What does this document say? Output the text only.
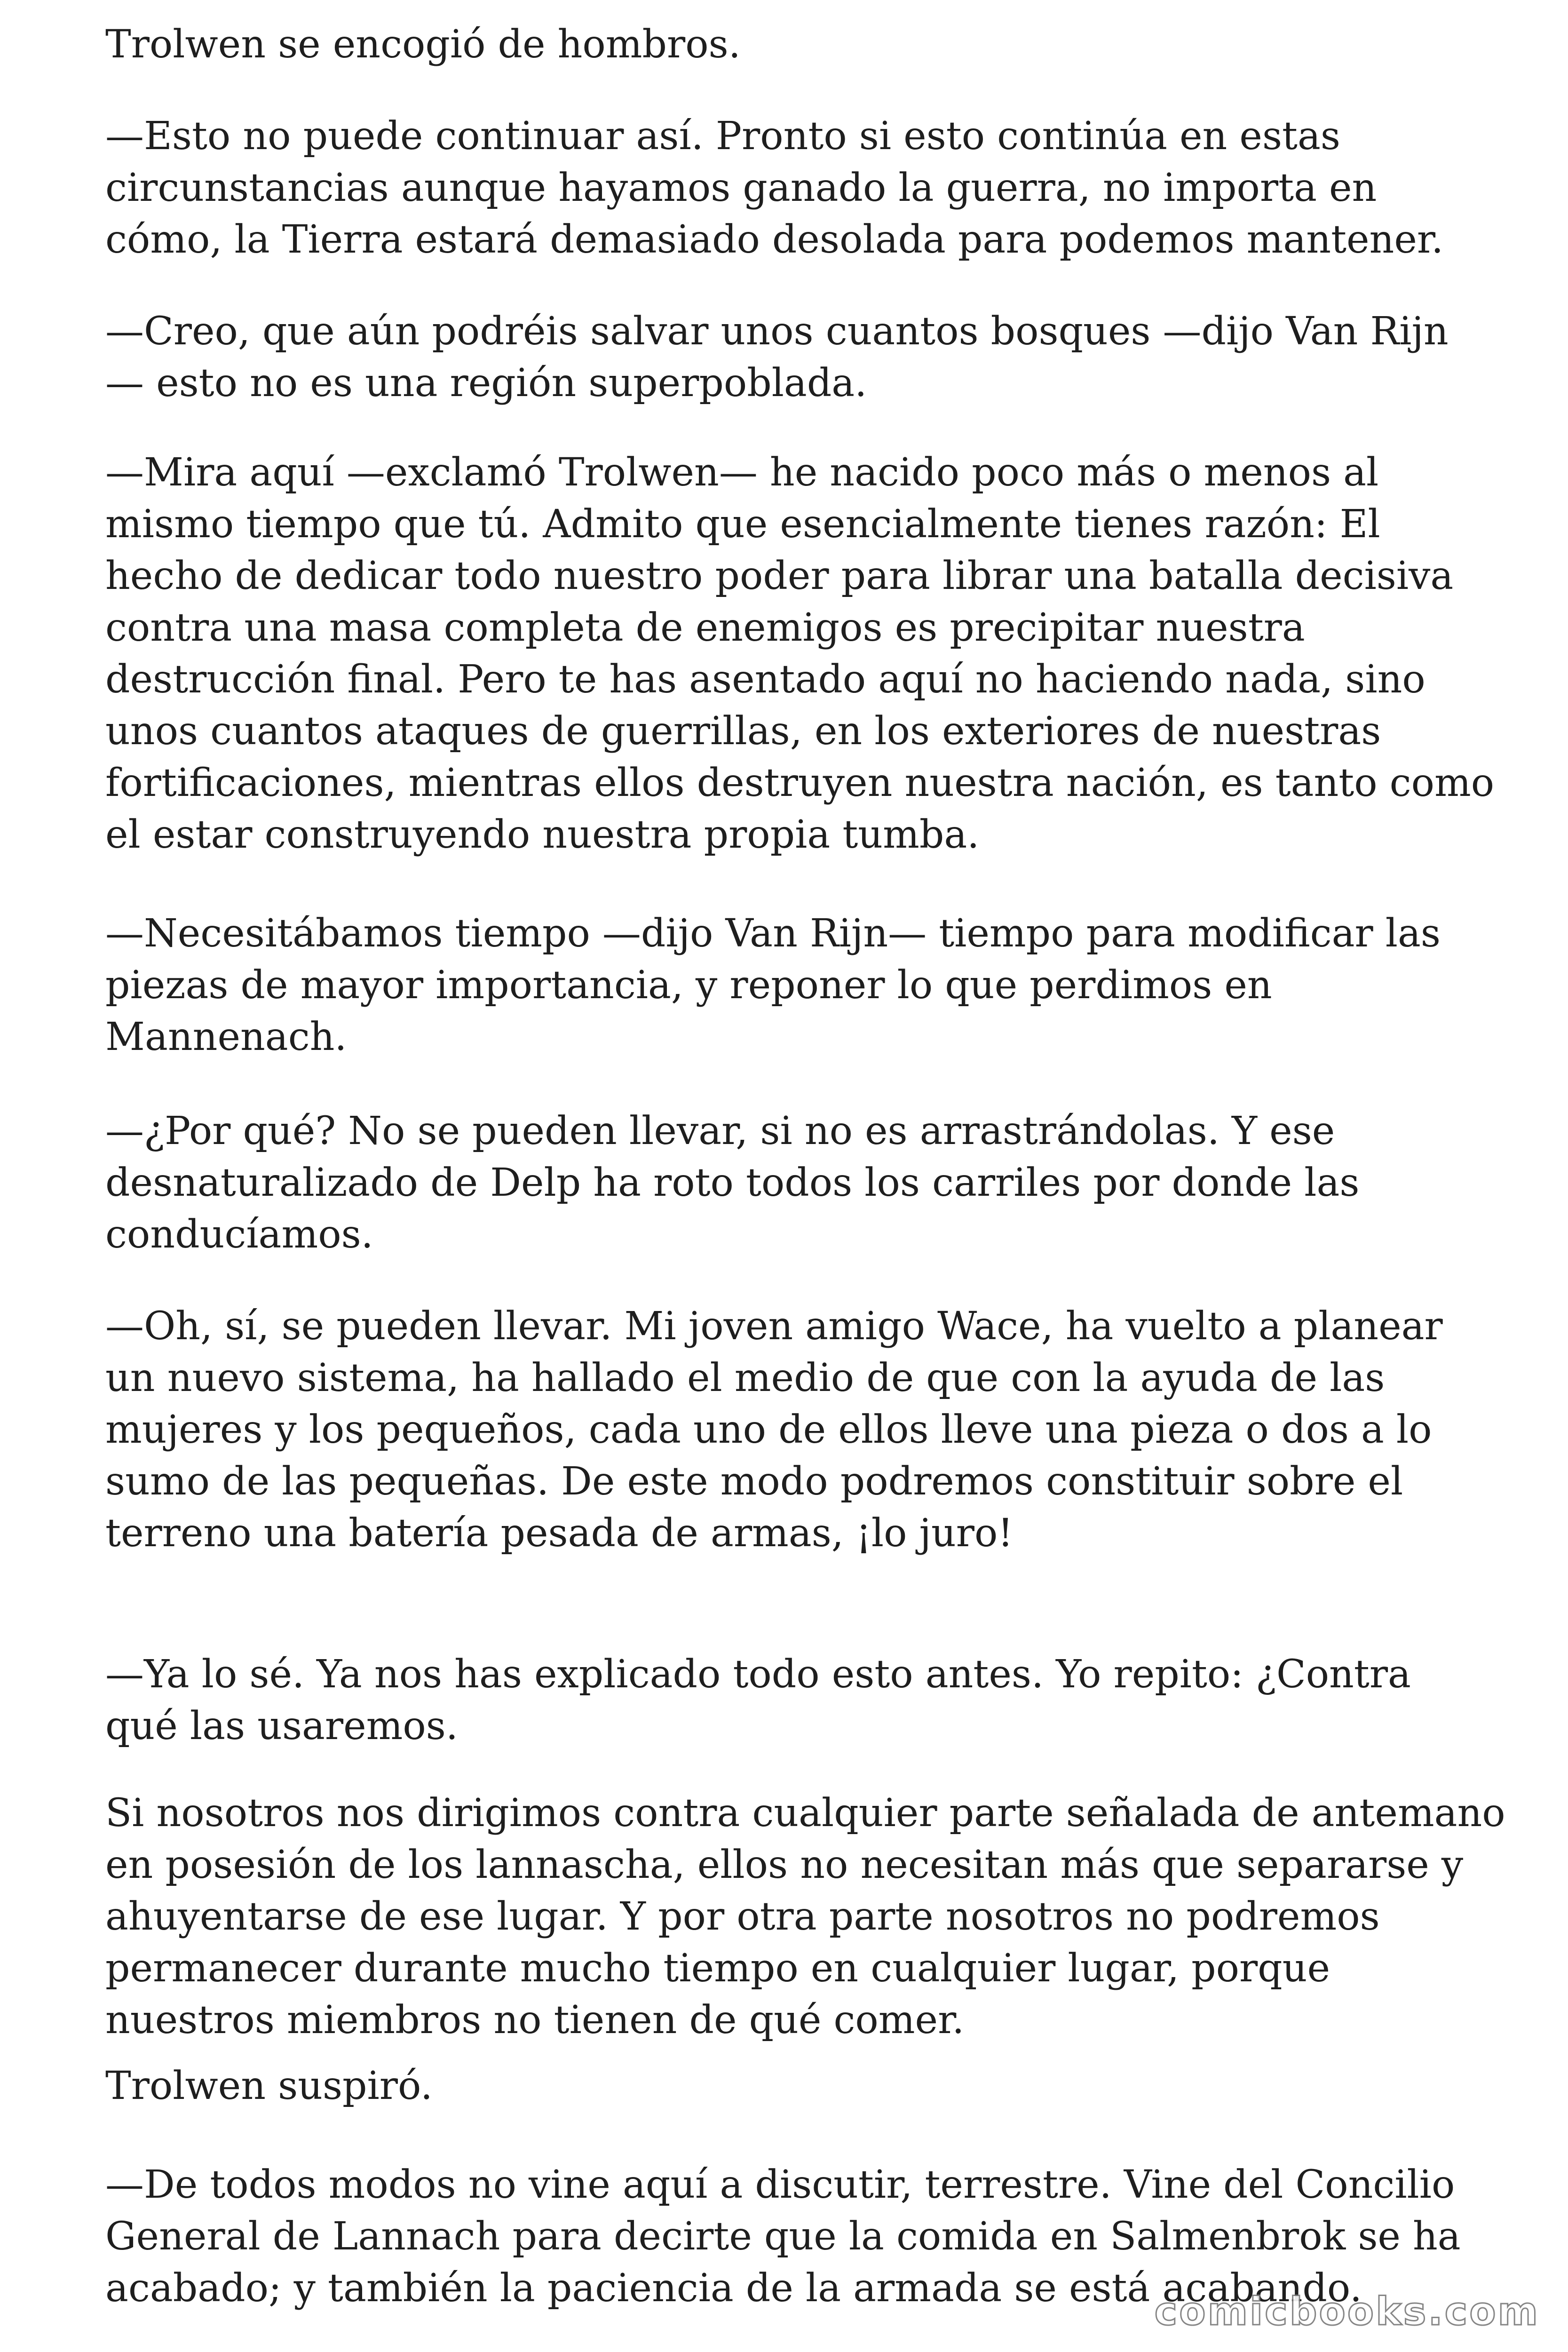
Trolwen se encogió de hombros.

—Esto no puede continuar así. Pronto si esto continúa en estas
circunstancias aunque hayamos ganado la guerra, no importa en
cómo, la Tierra estará demasiado desolada para podemos mantener.

—Creo, que aún podréis salvar unos cuantos bosques —dijo Van Rijn
— esto no es una región superpoblada.

—Mira aquí —exclamó Trolwen— he nacido poco más o menos al
mismo tiempo que tú. Admito que esencialmente tienes razón: El
hecho de dedicar todo nuestro poder para librar una batalla decisiva
contra una masa completa de enemigos es precipitar nuestra
destrucción final. Pero te has asentado aquí no haciendo nada, sino
unos cuantos ataques de guerrillas, en los exteriores de nuestras
fortificaciones, mientras ellos destruyen nuestra nación, es tanto como
el estar construyendo nuestra propia tumba.

—Necesitábamos tiempo —dijo Van Rijn— tiempo para modificar las
piezas de mayor importancia, y reponer lo que perdimos en
Mannenach.

—¿Por qué? No se pueden llevar, si no es arrastrándolas. Y ese
desnaturalizado de Delp ha roto todos los carriles por donde las
conducíamos.

—Oh, sí, se pueden llevar. Mi joven amigo Wace, ha vuelto a planear
un nuevo sistema, ha hallado el medio de que con la ayuda de las
mujeres y los pequeños, cada uno de ellos lleve una pieza o dos a lo
sumo de las pequeñas. De este modo podremos constituir sobre el
terreno una batería pesada de armas, ¡lo juro!

—Ya lo sé. Ya nos has explicado todo esto antes. Yo repito: ¿Contra
qué las usaremos.

Si nosotros nos dirigimos contra cualquier parte señalada de antemano
en posesión de los lannascha, ellos no necesitan más que separarse y
ahuyentarse de ese lugar. Y por otra parte nosotros no podremos
permanecer durante mucho tiempo en cualquier lugar, porque
nuestros miembros no tienen de qué comer.

Trolwen suspiró.

—De todos modos no vine aquí a discutir, terrestre. Vine del Concilio
General de Lannach para decirte que la comida en Salmenbrok se ha
acabado; y también la paciencia de la armada se está acabando.

comicbooks.com
